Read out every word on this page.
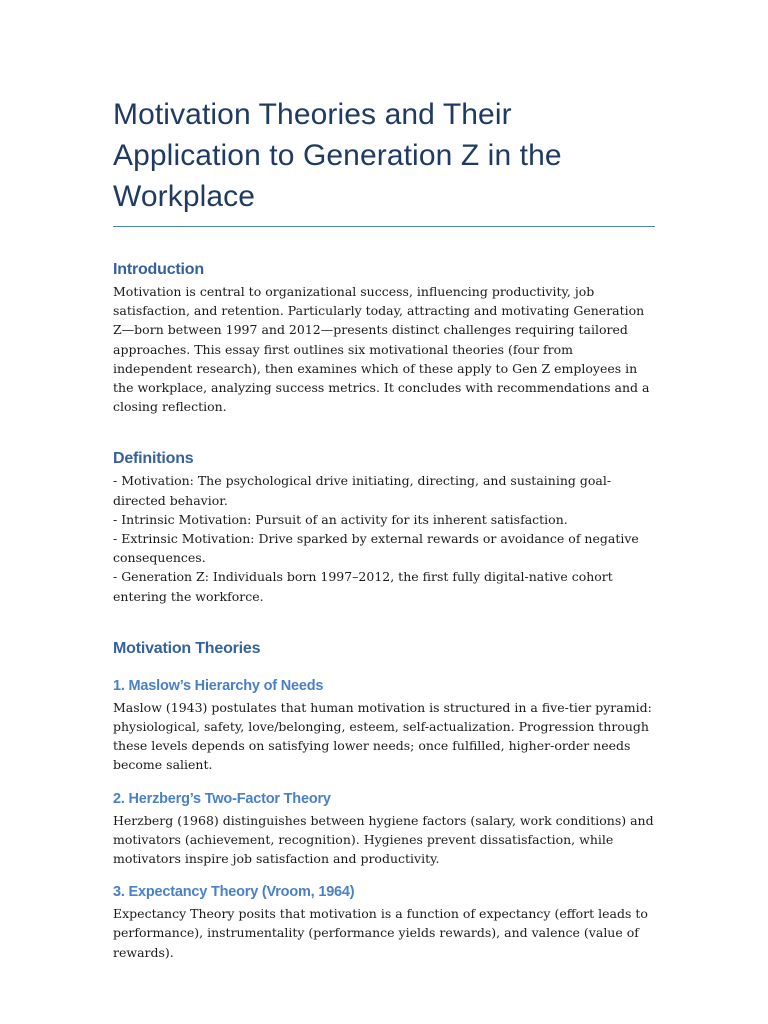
Motivation Theories and Their Application to Generation Z in the Workplace
Introduction

Motivation is central to organizational success, influencing productivity, job satisfaction, and retention. Particularly today, attracting and motivating Generation Z—born between 1997 and 2012—presents distinct challenges requiring tailored approaches. This essay first outlines six motivational theories (four from independent research), then examines which of these apply to Gen Z employees in the workplace, analyzing success metrics. It concludes with recommendations and a closing reflection.

Definitions
- Motivation: The psychological drive initiating, directing, and sustaining goal-directed behavior.
- Intrinsic Motivation: Pursuit of an activity for its inherent satisfaction.
- Extrinsic Motivation: Drive sparked by external rewards or avoidance of negative consequences.
- Generation Z: Individuals born 1997–2012, the first fully digital-native cohort entering the workforce.
Motivation Theories
1. Maslow’s Hierarchy of Needs

Maslow (1943) postulates that human motivation is structured in a five-tier pyramid: physiological, safety, love/belonging, esteem, self-actualization. Progression through these levels depends on satisfying lower needs; once fulfilled, higher-order needs become salient.

2. Herzberg’s Two-Factor Theory

Herzberg (1968) distinguishes between hygiene factors (salary, work conditions) and motivators (achievement, recognition). Hygienes prevent dissatisfaction, while motivators inspire job satisfaction and productivity.

3. Expectancy Theory (Vroom, 1964)

Expectancy Theory posits that motivation is a function of expectancy (effort leads to performance), instrumentality (performance yields rewards), and valence (value of rewards).
